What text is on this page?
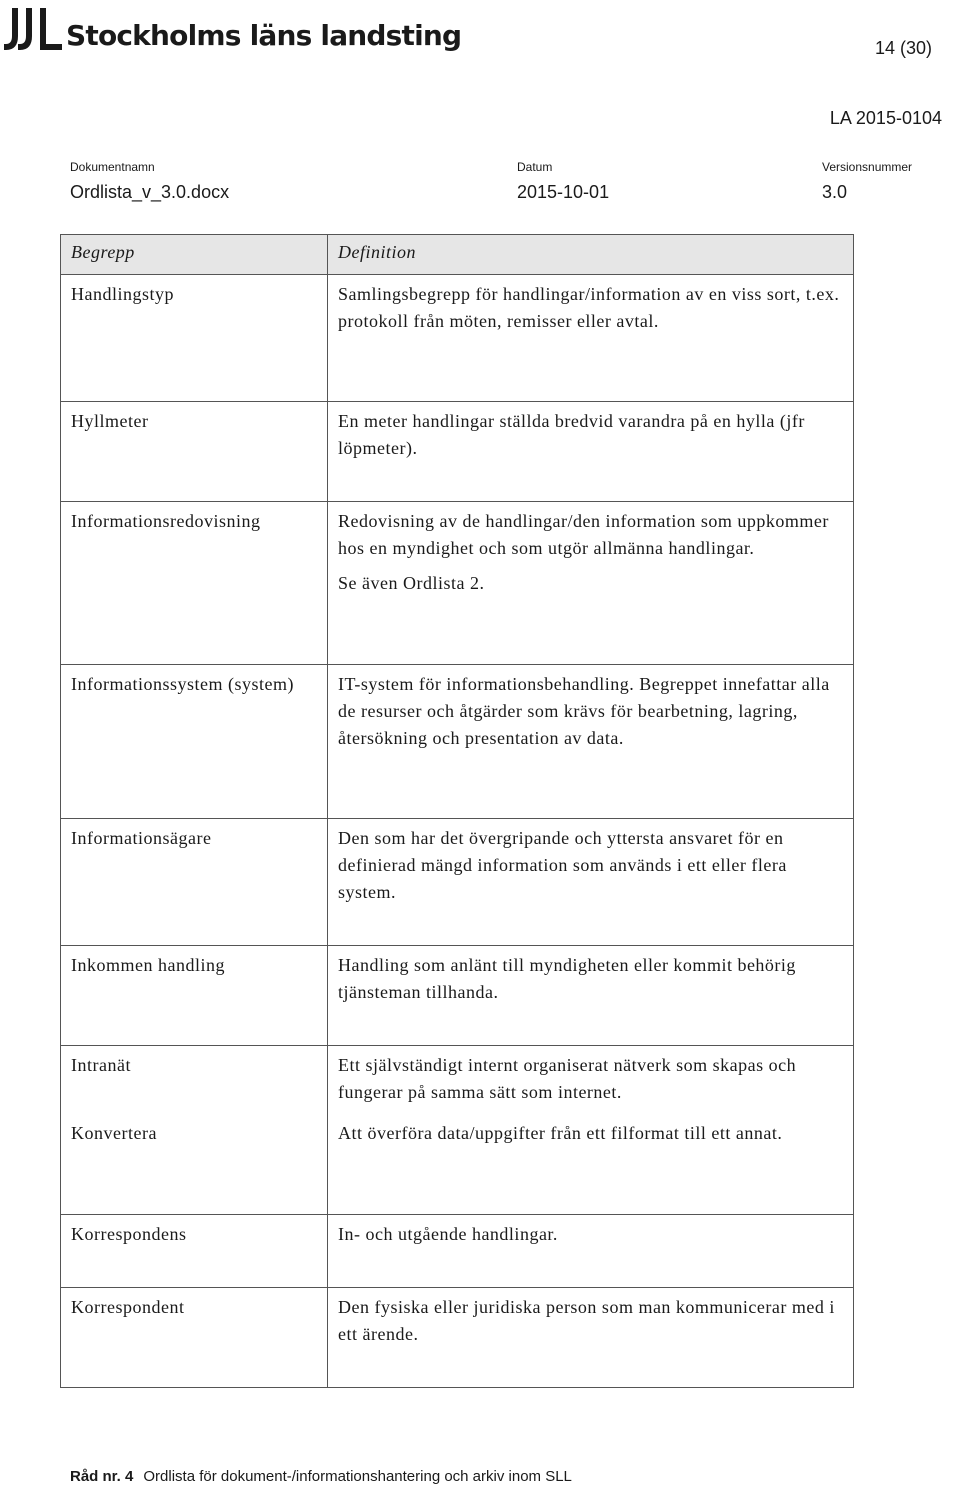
Stockholms läns landsting	14 (30)
LA 2015-0104
Dokumentnamn
Ordlista_v_3.0.docx
Datum
2015-10-01
Versionsnummer
3.0
Begrepp	Definition
Handlingstyp	Samlingsbegrepp för handlingar/information av en viss sort, t.ex. protokoll från möten, remisser eller avtal.

Hyllmeter	En meter handlingar ställda bredvid varandra på en hylla (jfr löpmeter).

Informationsredovisning	Redovisning av de handlingar/den information som uppkommer hos en myndighet och som utgör allmänna handlingar.
Se även Ordlista 2.

Informationssystem (system)	IT-system för informationsbehandling. Begreppet innefattar alla de resurser och åtgärder som krävs för bearbetning, lagring, återsökning och presentation av data.

Informationsägare	Den som har det övergripande och yttersta ansvaret för en definierad mängd information som används i ett eller flera system.

Inkommen handling	Handling som anlänt till myndigheten eller kommit behörig tjänsteman tillhanda.

Intranät	Ett självständigt internt organiserat nätverk som skapas och fungerar på samma sätt som internet.

Konvertera	Att överföra data/uppgifter från ett filformat till ett annat.

Korrespondens	In- och utgående handlingar.

Korrespondent	Den fysiska eller juridiska person som man kommunicerar med i ett ärende.
Råd nr. 4 Ordlista för dokument-/informationshantering och arkiv inom SLL
